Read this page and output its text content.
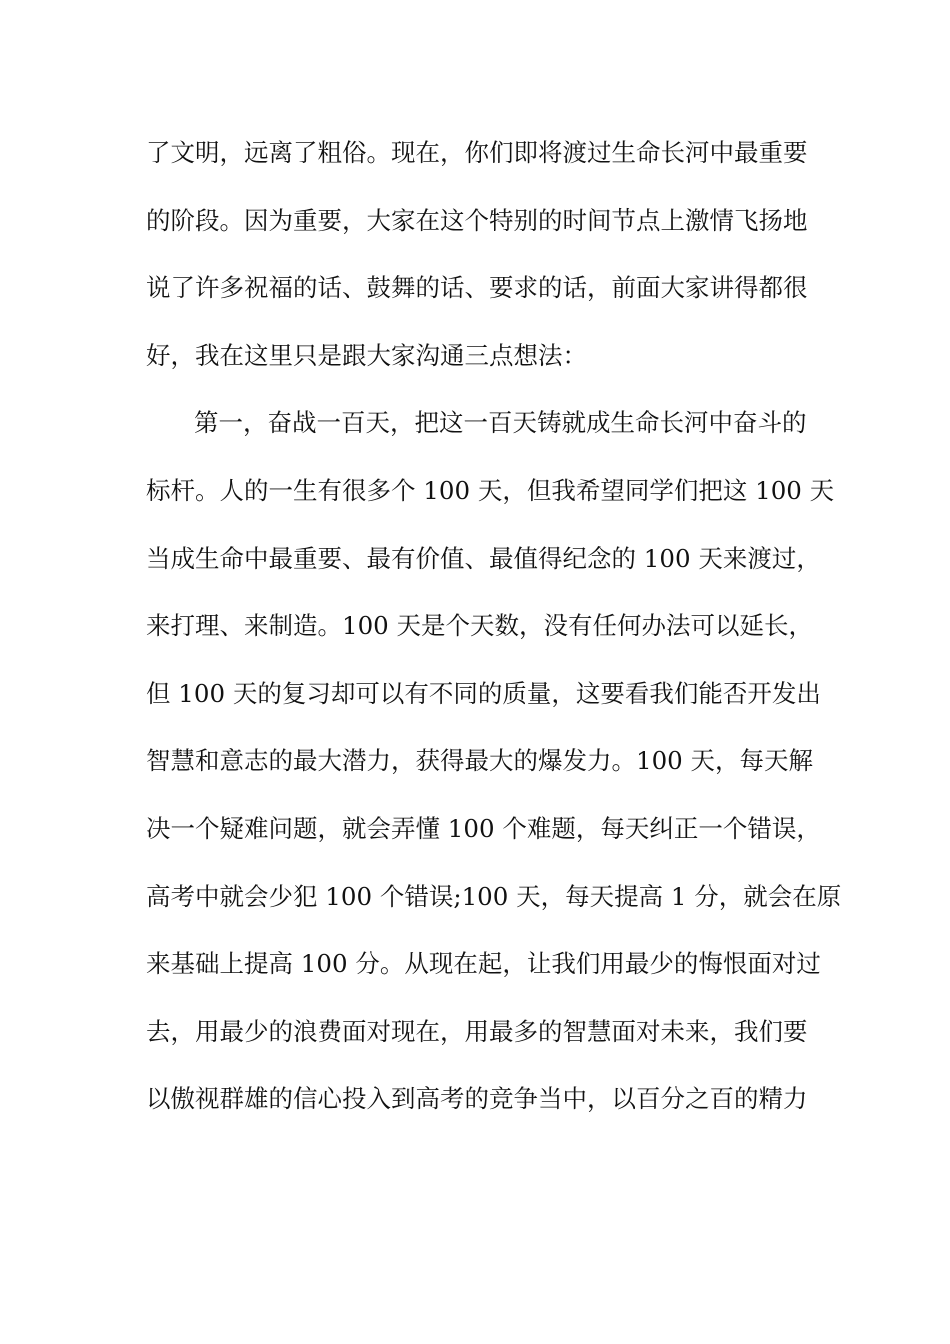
了文明，远离了粗俗。现在，你们即将渡过生命长河中最重要
的阶段。因为重要，大家在这个特别的时间节点上激情飞扬地
说了许多祝福的话、鼓舞的话、要求的话，前面大家讲得都很
好，我在这里只是跟大家沟通三点想法：
第一，奋战一百天，把这一百天铸就成生命长河中奋斗的
标杆。人的一生有很多个 100 天，但我希望同学们把这 100 天
当成生命中最重要、最有价值、最值得纪念的 100 天来渡过，
来打理、来制造。100 天是个天数，没有任何办法可以延长，
但 100 天的复习却可以有不同的质量，这要看我们能否开发出
智慧和意志的最大潜力，获得最大的爆发力。100 天，每天解
决一个疑难问题，就会弄懂 100 个难题，每天纠正一个错误，
高考中就会少犯 100 个错误;100 天，每天提高 1 分，就会在原
来基础上提高 100 分。从现在起，让我们用最少的悔恨面对过
去，用最少的浪费面对现在，用最多的智慧面对未来，我们要
以傲视群雄的信心投入到高考的竞争当中，以百分之百的精力
